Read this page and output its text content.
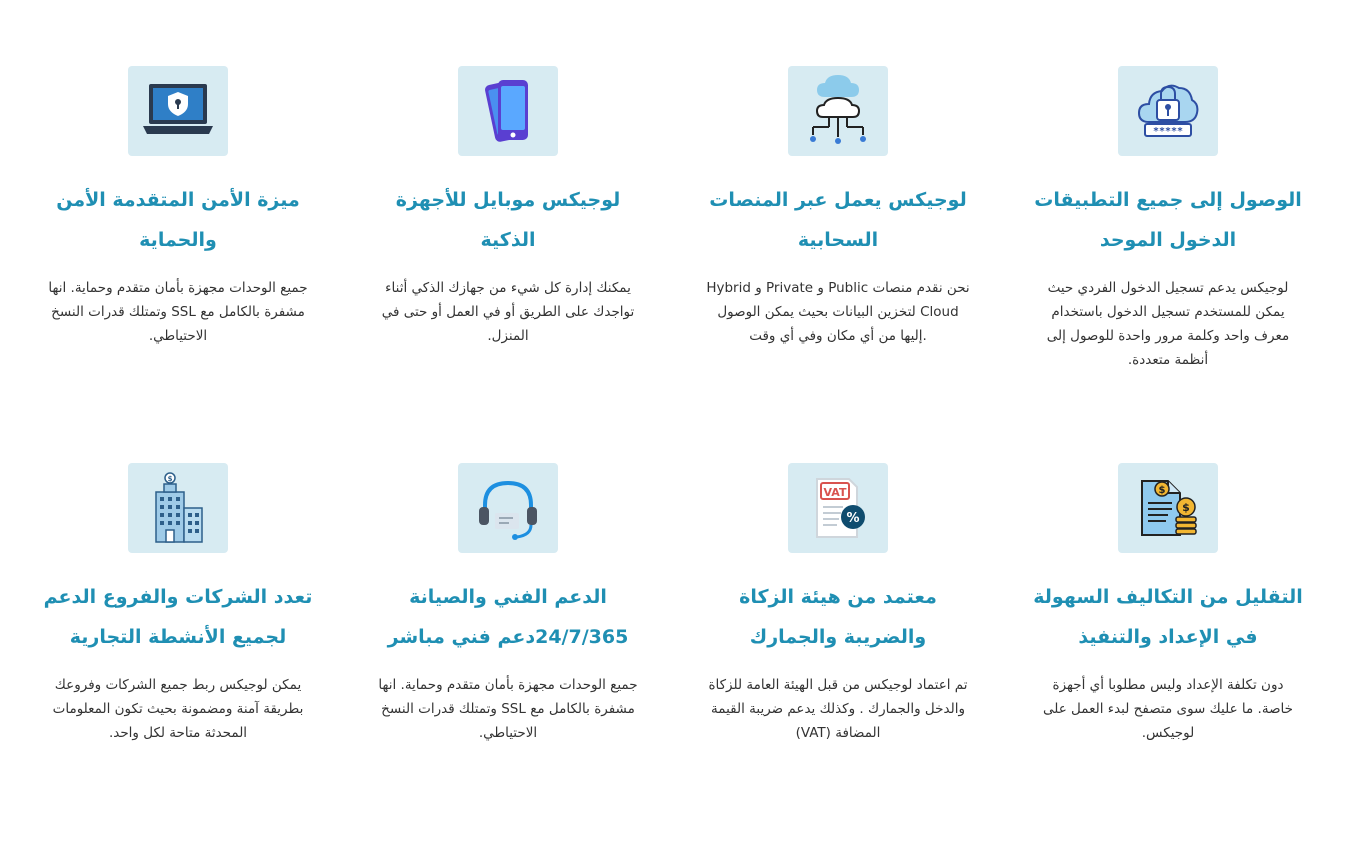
*****
الوصول إلى جميع التطبيقات الدخول الموحد
لوجيكس يدعم تسجيل الدخول الفردي حيث يمكن للمستخدم تسجيل الدخول باستخدام معرف واحد وكلمة مرور واحدة للوصول إلى أنظمة متعددة.
لوجيكس يعمل عبر المنصات السحابية
نحن نقدم منصات Public و Private و Hybrid Cloud لتخزين البيانات بحيث يمكن الوصول .إليها من أي مكان وفي أي وقت
لوجيكس موبايل للأجهزة الذكية
يمكنك إدارة كل شيء من جهازك الذكي أثناء تواجدك على الطريق أو في العمل أو حتى في المنزل.
ميزة الأمن المتقدمة الأمن والحماية
جميع الوحدات مجهزة بأمان متقدم وحماية. انها مشفرة بالكامل مع SSL وتمتلك قدرات النسخ الاحتياطي.
$
$
التقليل من التكاليف السهولة في الإعداد والتنفيذ
دون تكلفة الإعداد وليس مطلوبا أي أجهزة خاصة. ما عليك سوى متصفح لبدء العمل على لوجيكس.
VAT
%
معتمد من هيئة الزكاة والضريبة والجمارك
تم اعتماد لوجيكس من قبل الهيئة العامة للزكاة والدخل والجمارك . وكذلك يدعم ضريبة القيمة المضافة (VAT)
الدعم الفني والصيانة 24/7/365دعم فني مباشر
جميع الوحدات مجهزة بأمان متقدم وحماية. انها مشفرة بالكامل مع SSL وتمتلك قدرات النسخ الاحتياطي.
$
تعدد الشركات والفروع الدعم لجميع الأنشطة التجارية
يمكن لوجيكس ربط جميع الشركات وفروعك بطريقة آمنة ومضمونة بحيث تكون المعلومات المحدثة متاحة لكل واحد.
